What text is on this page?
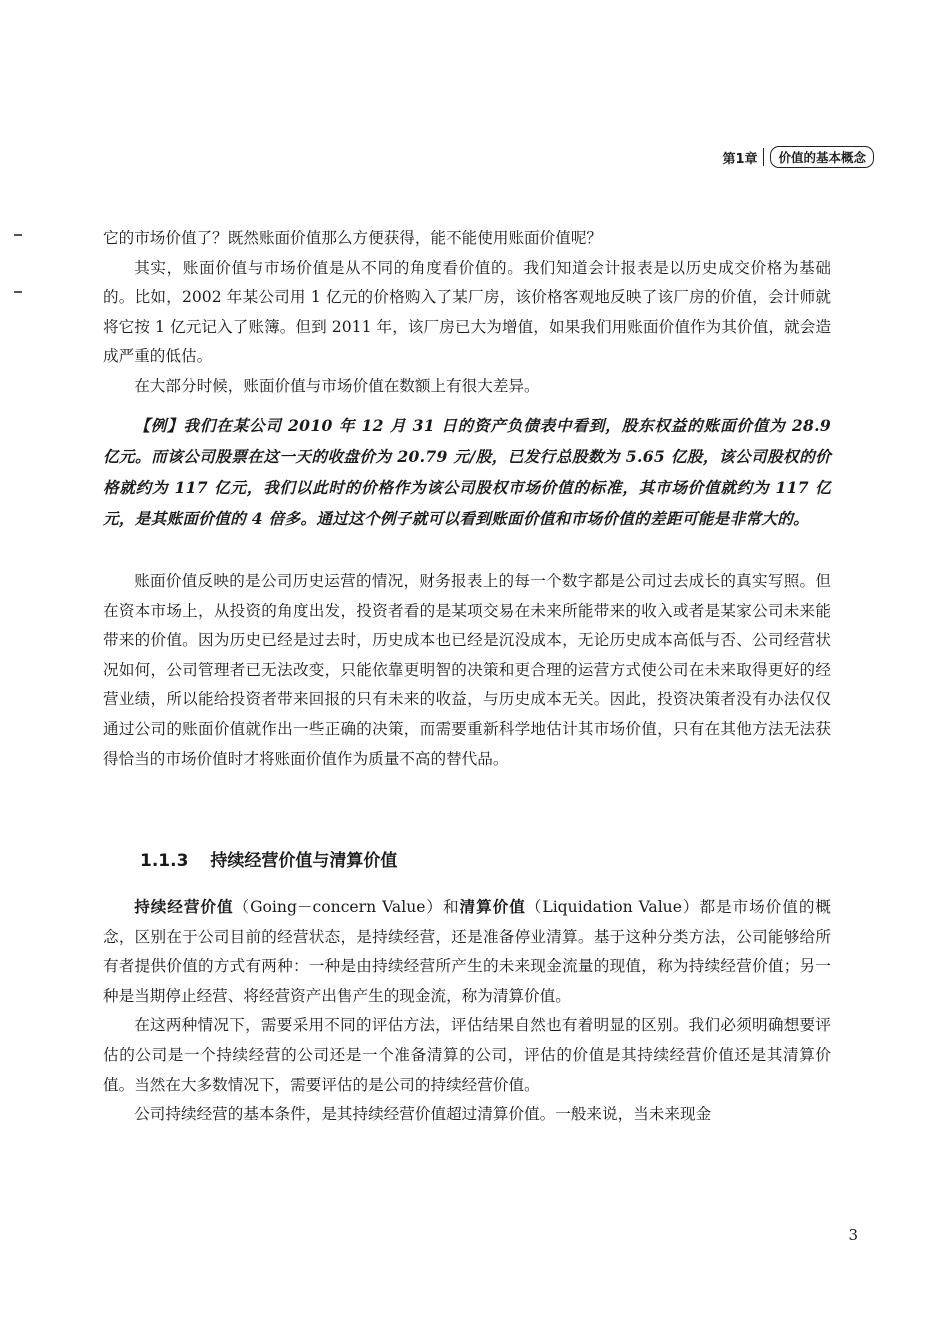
第1章	价值的基本概念

它的市场价值了？既然账面价值那么方便获得，能不能使用账面价值呢？

其实，账面价值与市场价值是从不同的角度看价值的。我们知道会计报表是以历史成交价格为基础的。比如，2002 年某公司用 1 亿元的价格购入了某厂房，该价格客观地反映了该厂房的价值，会计师就将它按 1 亿元记入了账簿。但到 2011 年，该厂房已大为增值，如果我们用账面价值作为其价值，就会造成严重的低估。

在大部分时候，账面价值与市场价值在数额上有很大差异。

【例】我们在某公司 2010 年 12 月 31 日的资产负债表中看到，股东权益的账面价值为 28.9 亿元。而该公司股票在这一天的收盘价为 20.79 元/股，已发行总股数为 5.65 亿股，该公司股权的价格就约为 117 亿元，我们以此时的价格作为该公司股权市场价值的标准，其市场价值就约为 117 亿元，是其账面价值的 4 倍多。通过这个例子就可以看到账面价值和市场价值的差距可能是非常大的。

账面价值反映的是公司历史运营的情况，财务报表上的每一个数字都是公司过去成长的真实写照。但在资本市场上，从投资的角度出发，投资者看的是某项交易在未来所能带来的收入或者是某家公司未来能带来的价值。因为历史已经是过去时，历史成本也已经是沉没成本，无论历史成本高低与否、公司经营状况如何，公司管理者已无法改变，只能依靠更明智的决策和更合理的运营方式使公司在未来取得更好的经营业绩，所以能给投资者带来回报的只有未来的收益，与历史成本无关。因此，投资决策者没有办法仅仅通过公司的账面价值就作出一些正确的决策，而需要重新科学地估计其市场价值，只有在其他方法无法获得恰当的市场价值时才将账面价值作为质量不高的替代品。

1.1.3 持续经营价值与清算价值

持续经营价值（Going－concern Value）和清算价值（Liquidation Value）都是市场价值的概念，区别在于公司目前的经营状态，是持续经营，还是准备停业清算。基于这种分类方法，公司能够给所有者提供价值的方式有两种：一种是由持续经营所产生的未来现金流量的现值，称为持续经营价值；另一种是当期停止经营、将经营资产出售产生的现金流，称为清算价值。

在这两种情况下，需要采用不同的评估方法，评估结果自然也有着明显的区别。我们必须明确想要评估的公司是一个持续经营的公司还是一个准备清算的公司，评估的价值是其持续经营价值还是其清算价值。当然在大多数情况下，需要评估的是公司的持续经营价值。

公司持续经营的基本条件，是其持续经营价值超过清算价值。一般来说，当未来现金

3
